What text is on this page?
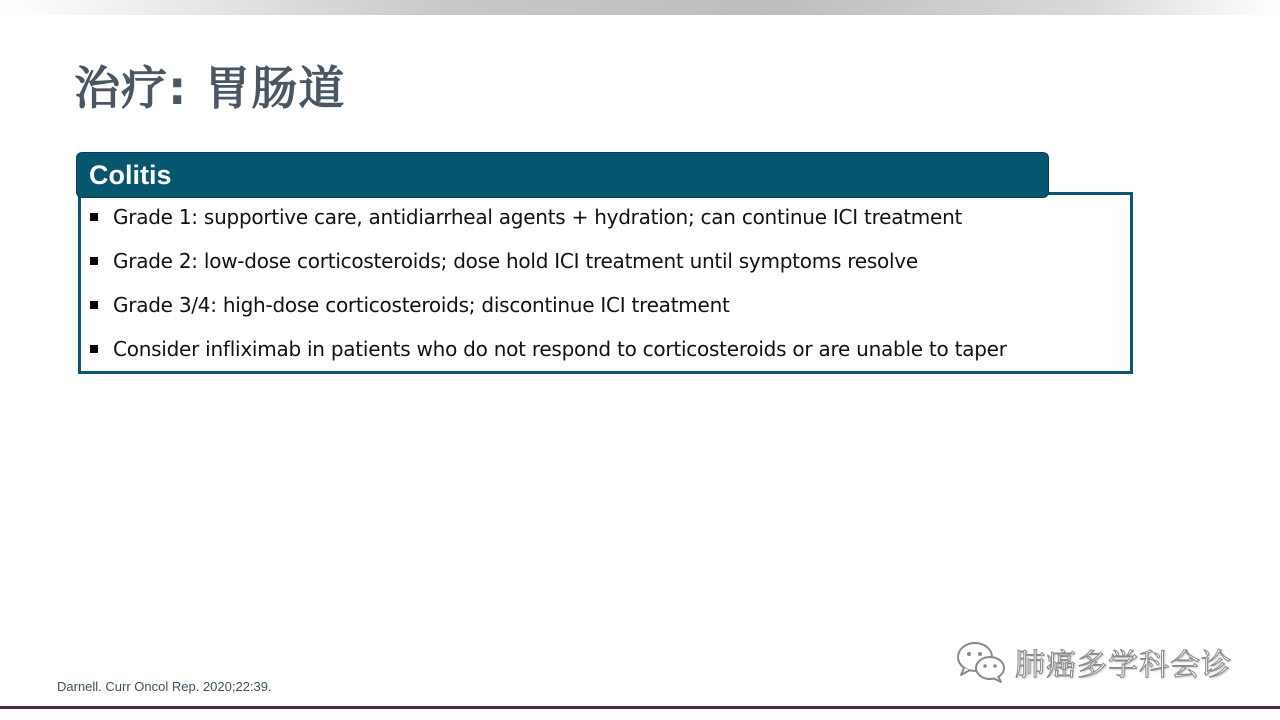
治疗: 胃肠道
Colitis
Grade 1: supportive care, antidiarrheal agents + hydration; can continue ICI treatment
Grade 2: low-dose corticosteroids; dose hold ICI treatment until symptoms resolve
Grade 3/4: high-dose corticosteroids; discontinue ICI treatment
Consider infliximab in patients who do not respond to corticosteroids or are unable to taper
Darnell. Curr Oncol Rep. 2020;22:39.
肺癌多学科会诊
